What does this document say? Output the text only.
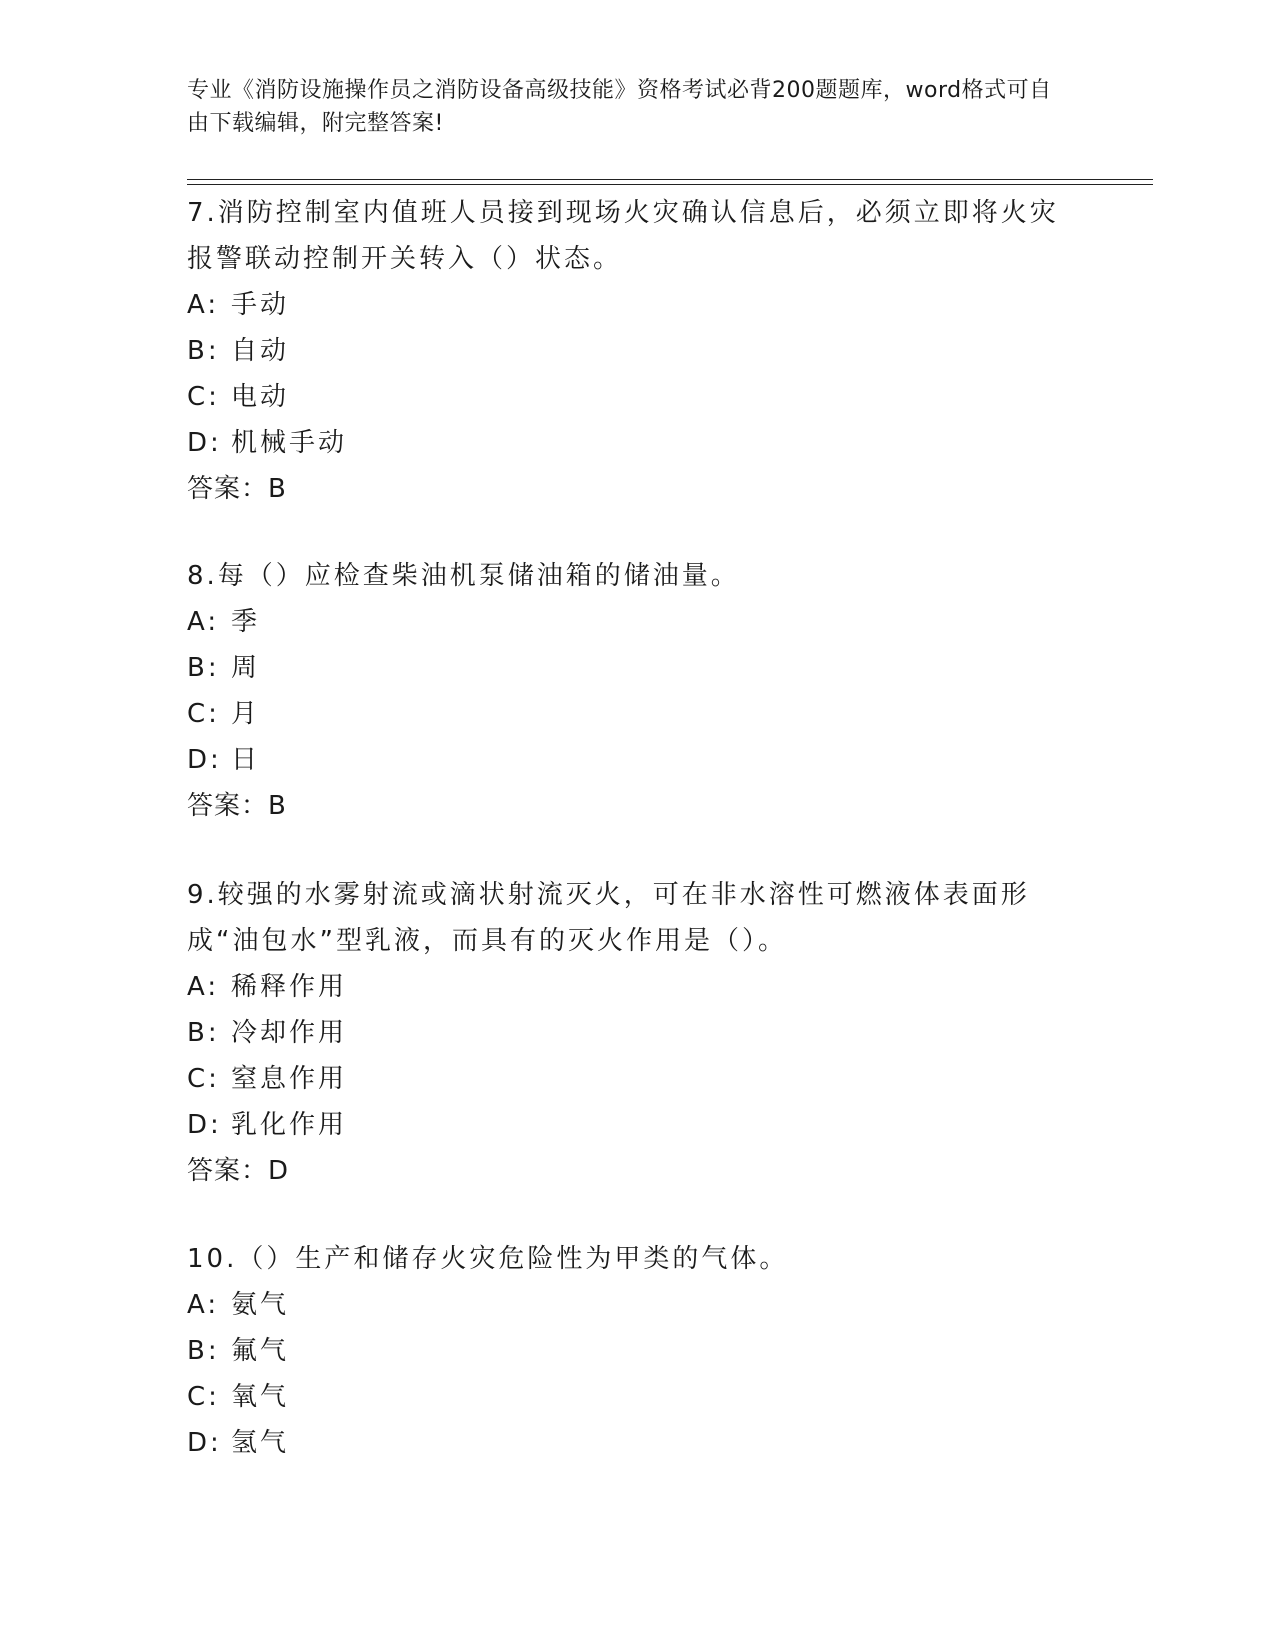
专业《消防设施操作员之消防设备高级技能》资格考试必背200题题库，word格式可自由下载编辑，附完整答案!

7.消防控制室内值班人员接到现场火灾确认信息后，必须立即将火灾报警联动控制开关转入（）状态。

A: 手动

B: 自动

C: 电动

D: 机械手动

答案：B

8.每（）应检查柴油机泵储油箱的储油量。

A: 季

B: 周

C: 月

D: 日

答案：B

9.较强的水雾射流或滴状射流灭火，可在非水溶性可燃液体表面形成“油包水”型乳液，而具有的灭火作用是（）。

A: 稀释作用

B: 冷却作用

C: 窒息作用

D: 乳化作用

答案：D

10.（）生产和储存火灾危险性为甲类的气体。

A: 氨气

B: 氟气

C: 氧气

D: 氢气
